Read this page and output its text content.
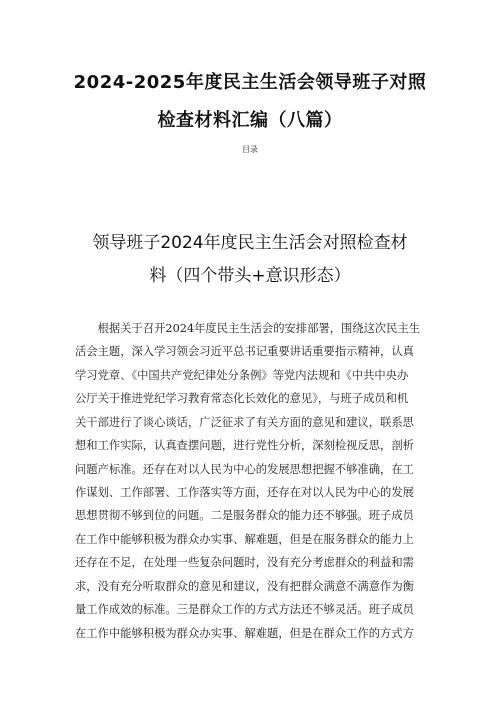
2024-2025年度民主生活会领导班子对照
检查材料汇编（八篇）
目录
领导班子2024年度民主生活会对照检查材
料（四个带头+意识形态）
　　根据关于召开2024年度民主生活会的安排部署，围绕这次民主生
活会主题，深入学习领会习近平总书记重要讲话重要指示精神，认真
学习党章、《中国共产党纪律处分条例》等党内法规和《中共中央办
公厅关于推进党纪学习教育常态化长效化的意见》，与班子成员和机
关干部进行了谈心谈话，广泛征求了有关方面的意见和建议，联系思
想和工作实际，认真查摆问题，进行党性分析，深刻检视反思，剖析
问题产标准。还存在对以人民为中心的发展思想把握不够准确，在工
作谋划、工作部署、工作落实等方面，还存在对以人民为中心的发展
思想贯彻不够到位的问题。二是服务群众的能力还不够强。班子成员
在工作中能够积极为群众办实事、解难题，但是在服务群众的能力上
还存在不足，在处理一些复杂问题时，没有充分考虑群众的利益和需
求，没有充分听取群众的意见和建议，没有把群众满意不满意作为衡
量工作成效的标准。三是群众工作的方式方法还不够灵活。班子成员
在工作中能够积极为群众办实事、解难题，但是在群众工作的方式方
